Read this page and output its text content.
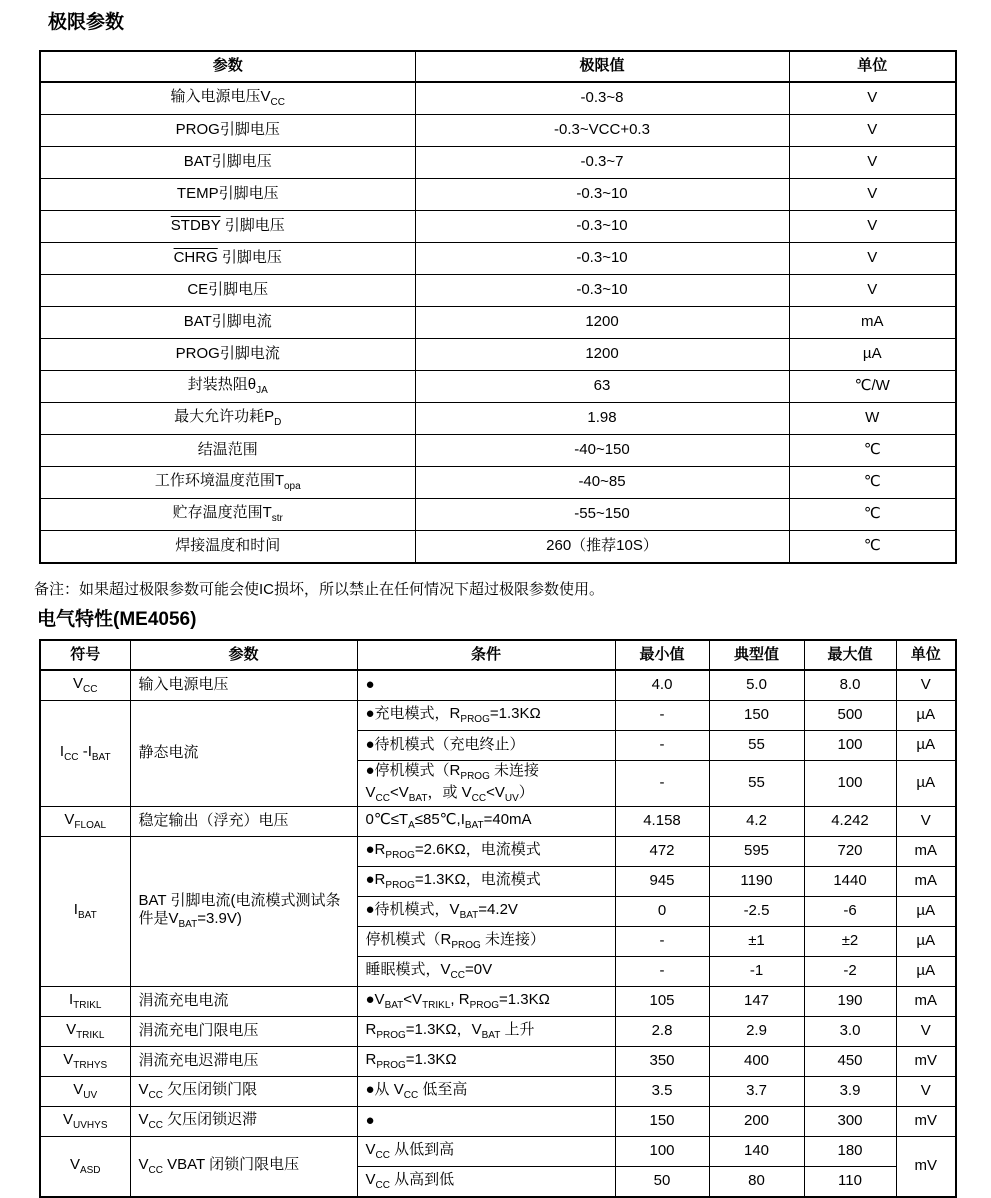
极限参数
参数	极限值	单位
输入电源电压$V_{CC}$	-0.3~8	V
PROG引脚电压	-0.3~VCC+0.3	V
BAT引脚电压	-0.3~7	V
TEMP引脚电压	-0.3~10	V
STDBY 引脚电压	-0.3~10	V
CHRG 引脚电压	-0.3~10	V
CE引脚电压	-0.3~10	V
BAT引脚电流	1200	mA
PROG引脚电流	1200	µA
封装热阻$\theta_{JA}$	63	℃/W
最大允许功耗$P_D$	1.98	W
结温范围	-40~150	℃
工作环境温度范围$T_{opa}$	-40~85	℃
贮存温度范围$T_{str}$	-55~150	℃
焊接温度和时间	260（推荐10S）	℃

备注：如果超过极限参数可能会使IC损坏，所以禁止在任何情况下超过极限参数使用。

电气特性(ME4056)
符号	参数	条件	最小值	典型值	最大值	单位
$V_{CC}$	输入电源电压	●	4.0	5.0	8.0	V
$I_{CC}$ $-I_{BAT}$	静态电流	●充电模式，$R_{PROG}=1.3K\Omega$	-	150	500	µA
		●待机模式（充电终止）	-	55	100	µA
		●停机模式（$R_{PROG}$ 未连接 $V_{CC}<V_{BAT}$，或 $V_{CC}<V_{UV}$）	-	55	100	µA
$V_{FLOAL}$	稳定输出（浮充）电压	$0℃\le T_A\le 85℃,I_{BAT}=40mA$	4.158	4.2	4.242	V
$I_{BAT}$	BAT 引脚电流(电流模式测试条件是$V_{BAT}=3.9V$)	$●R_{PROG}=2.6K\Omega$，电流模式	472	595	720	mA
		$●R_{PROG}=1.3K\Omega$，电流模式	945	1190	1440	mA
		●待机模式，$V_{BAT}=4.2V$	0	-2.5	-6	µA
		停机模式（$R_{PROG}$ 未连接）	-	±1	±2	µA
		睡眠模式，$V_{CC}=0V$	-	-1	-2	µA
$I_{TRIKL}$	涓流充电电流	$●V_{BAT}<V_{TRIKL}$, $R_{PROG}=1.3K\Omega$	105	147	190	mA
$V_{TRIKL}$	涓流充电门限电压	$R_{PROG}=1.3K\Omega$，$V_{BAT}$ 上升	2.8	2.9	3.0	V
$V_{TRHYS}$	涓流充电迟滞电压	$R_{PROG}=1.3K\Omega$	350	400	450	mV
$V_{UV}$	$V_{CC}$ 欠压闭锁门限	●从 $V_{CC}$ 低至高	3.5	3.7	3.9	V
$V_{UVHYS}$	$V_{CC}$ 欠压闭锁迟滞	●	150	200	300	mV
$V_{ASD}$	$V_{CC}$ VBAT 闭锁门限电压	$V_{CC}$ 从低到高	100	140	180	mV
		$V_{CC}$ 从高到低	50	80	110	
